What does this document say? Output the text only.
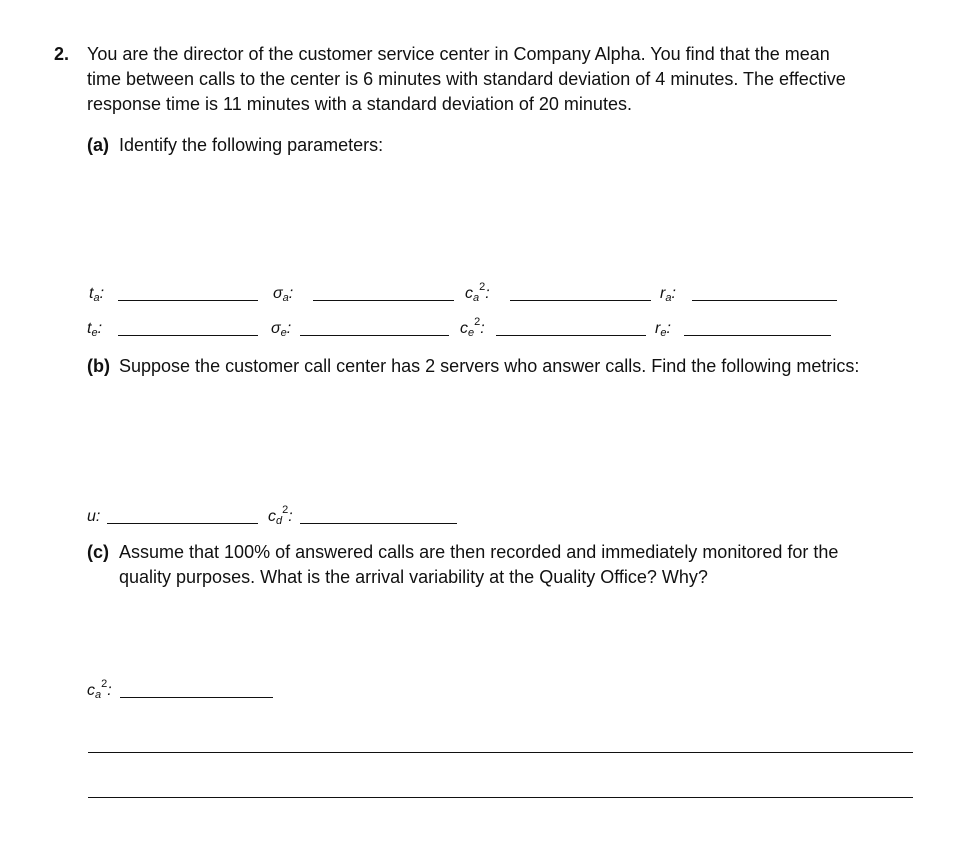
2. You are the director of the customer service center in Company Alpha. You find that the mean
time between calls to the center is 6 minutes with standard deviation of 4 minutes. The effective
response time is 11 minutes with a standard deviation of 20 minutes.
(a) Identify the following parameters:
$t_a$:	$\sigma_a$:	$c_a^2$:	$r_a$:
$t_e$:	$\sigma_e$:	$c_e^2$:	$r_e$:
(b) Suppose the customer call center has 2 servers who answer calls. Find the following metrics:
u:	$c_d^2$:
(c) Assume that 100% of answered calls are then recorded and immediately monitored for the
quality purposes. What is the arrival variability at the Quality Office? Why?
$c_a^2$:
